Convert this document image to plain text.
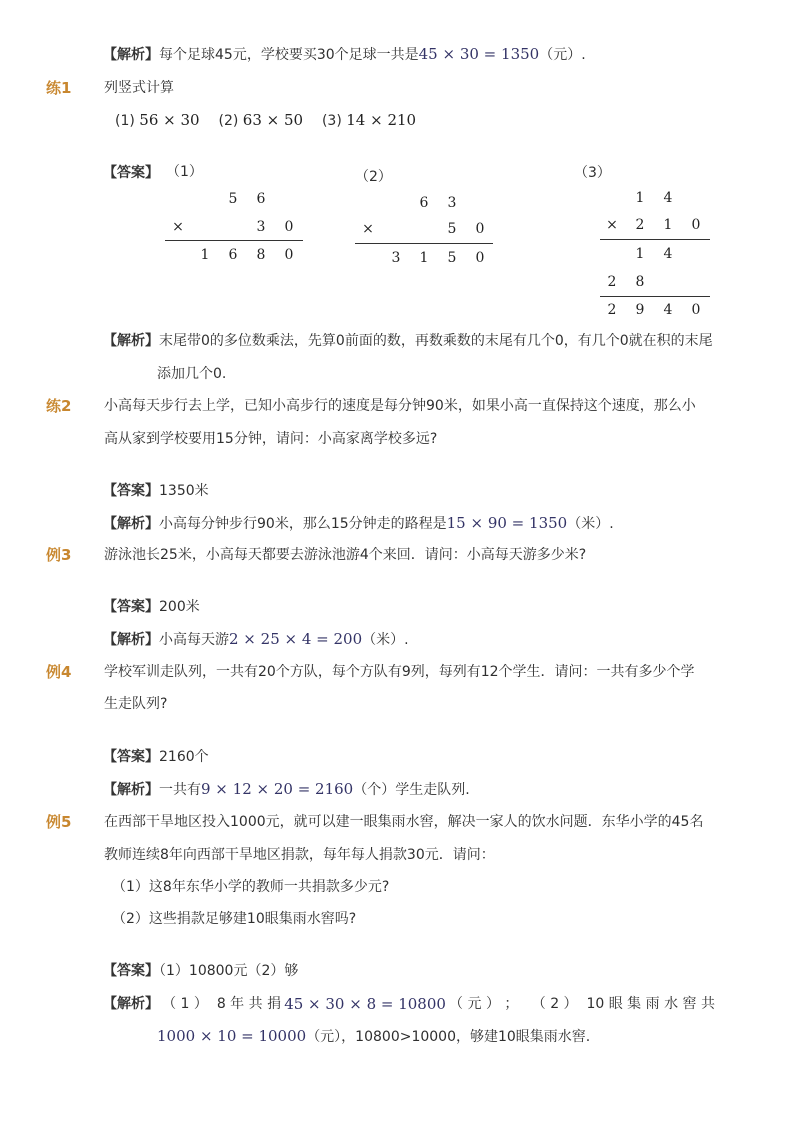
【解析】每个足球45元，学校要买30个足球一共是45 × 30 = 1350（元）.
练1 列竖式计算
(1) 56 × 30 (2) 63 × 50 (3) 14 × 210
【答案】 （1）	（2）	（3）
5	6
×	3	0
1	6	8	0
6	3
×	5	0
3	1	5	0
1	4
×	2	1	0
1	4
2	8
2	9	4	0
【解析】末尾带0的多位数乘法，先算0前面的数，再数乘数的末尾有几个0，有几个0就在积的末尾
添加几个0.
练2 小高每天步行去上学，已知小高步行的速度是每分钟90米，如果小高一直保持这个速度，那么小
高从家到学校要用15分钟，请问：小高家离学校多远?
【答案】1350米
【解析】小高每分钟步行90米，那么15分钟走的路程是15 × 90 = 1350（米）.
例3 游泳池长25米，小高每天都要去游泳池游4个来回．请问：小高每天游多少米?
【答案】200米
【解析】小高每天游2 × 25 × 4 = 200（米）.
例4 学校军训走队列，一共有20个方队，每个方队有9列，每列有12个学生．请问：一共有多少个学
生走队列?
【答案】2160个
【解析】一共有9 × 12 × 20 = 2160（个）学生走队列.
例5 在西部干旱地区投入1000元，就可以建一眼集雨水窖，解决一家人的饮水问题．东华小学的45名
教师连续8年向西部干旱地区捐款，每年每人捐款30元．请问：
（1）这8年东华小学的教师一共捐款多少元?
（2）这些捐款足够建10眼集雨水窖吗?
【答案】（1）10800元（2）够
【解析】 （ 1 ）  8 年 共 捐 45 × 30 × 8 = 10800 （ 元 ） ；   （ 2 ）  10 眼 集 雨 水 窖 共
1000 × 10 = 10000（元），10800>10000，够建10眼集雨水窖.
